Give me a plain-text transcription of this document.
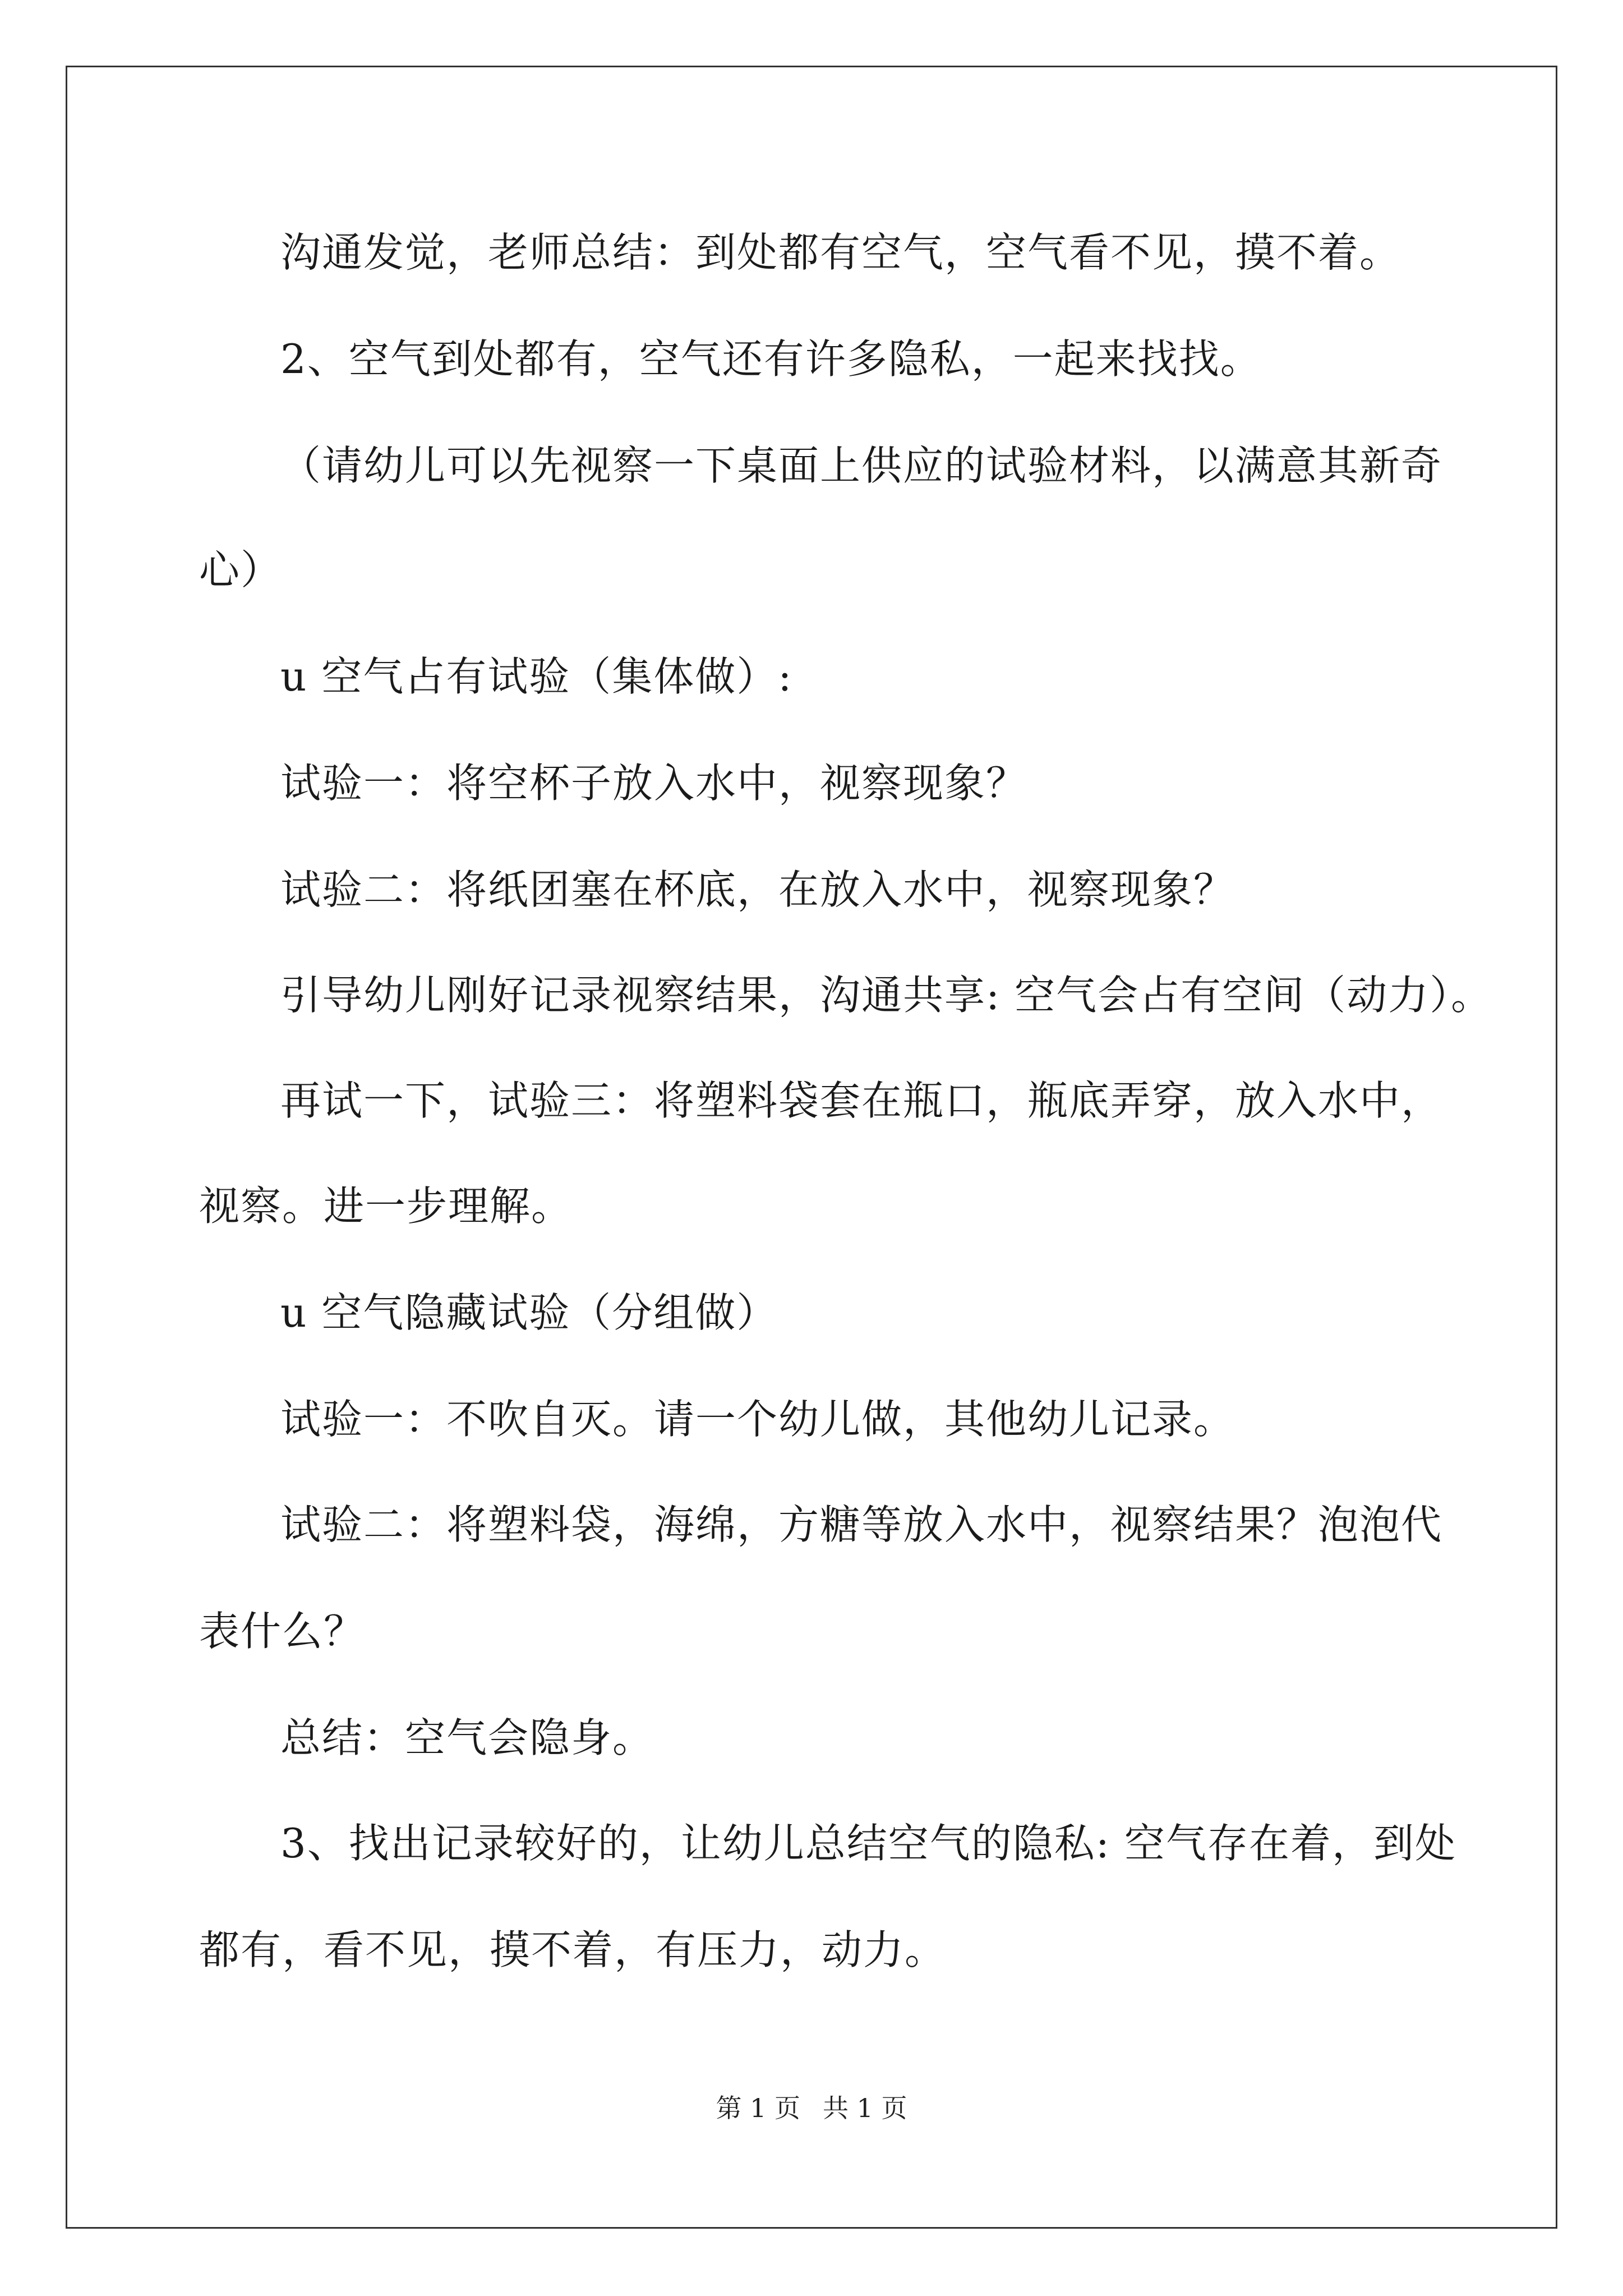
沟通发觉，老师总结：到处都有空气，空气看不见，摸不着。
2、空气到处都有，空气还有许多隐私，一起来找找。
（请幼儿可以先视察一下桌面上供应的试验材料，以满意其新奇
心）
u 空气占有试验（集体做）:
试验一：将空杯子放入水中，视察现象？
试验二：将纸团塞在杯底，在放入水中，视察现象？
引导幼儿刚好记录视察结果，沟通共享: 空气会占有空间（动力）。
再试一下，试验三：将塑料袋套在瓶口，瓶底弄穿，放入水中，
视察。进一步理解。
u 空气隐藏试验（分组做）
试验一：不吹自灭。请一个幼儿做，其他幼儿记录。
试验二：将塑料袋，海绵，方糖等放入水中，视察结果？泡泡代
表什么？
总结：空气会隐身。
3、找出记录较好的，让幼儿总结空气的隐私: 空气存在着，到处
都有，看不见，摸不着，有压力，动力。
第 1 页 共 1 页
